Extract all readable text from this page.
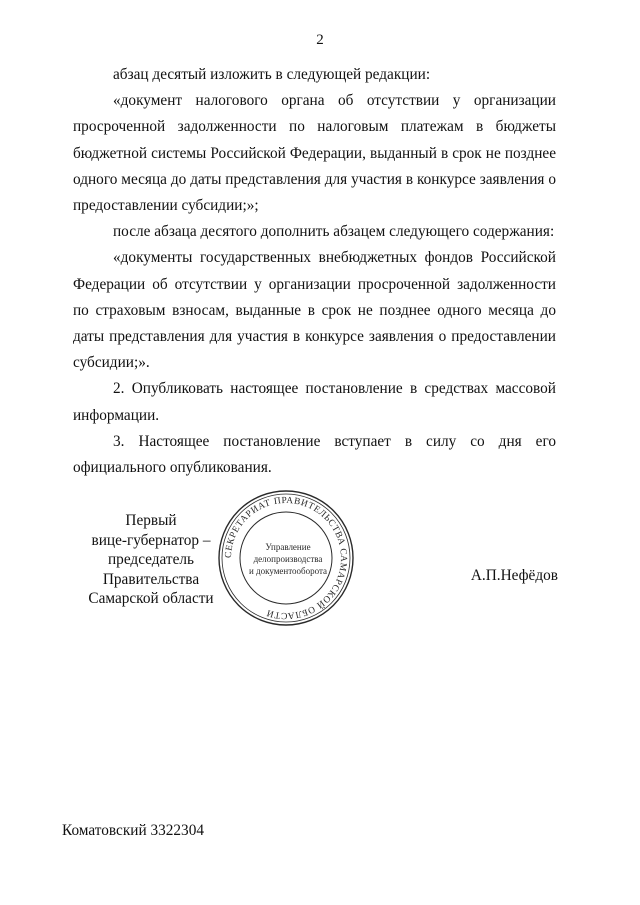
2

абзац десятый изложить в следующей редакции:

«документ налогового органа об отсутствии у организации просроченной задолженности по налоговым платежам в бюджеты бюджетной системы Российской Федерации, выданный в срок не позднее одного месяца до даты представления для участия в конкурсе заявления о предоставлении субсидии;»;

после абзаца десятого дополнить абзацем следующего содержания:

«документы государственных внебюджетных фондов Российской Федерации об отсутствии у организации просроченной задолженности по страховым взносам, выданные в срок не позднее одного месяца до даты представления для участия в конкурсе заявления о предоставлении субсидии;».

2. Опубликовать настоящее постановление в средствах массовой информации.

3. Настоящее постановление вступает в силу со дня его официального опубликования.

Первый
вице-губернатор –
председатель Правительства
Самарской области
СЕКРЕТАРИАТ ПРАВИТЕЛЬСТВА САМАРСКОЙ ОБЛАСТИ
Управление
делопроизводства
и документооборота	А.П.Нефёдов
Коматовский 3322304
